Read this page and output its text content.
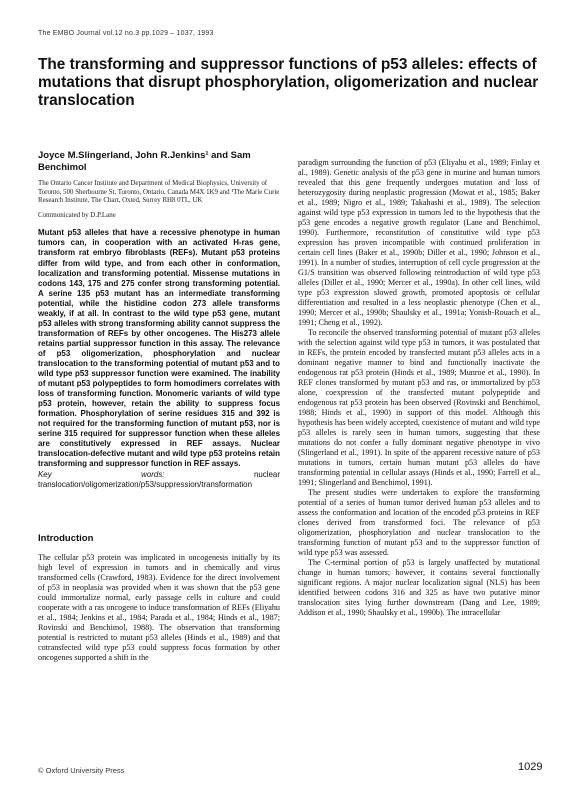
The EMBO Journal vol.12 no.3 pp.1029 – 1037, 1993
The transforming and suppressor functions of p53 alleles: effects of mutations that disrupt phosphorylation, oligomerization and nuclear translocation

Joyce M.Slingerland, John R.Jenkins¹ and Sam Benchimol

The Ontario Cancer Institute and Department of Medical Biophysics, University of Toronto, 500 Sherbourne St, Toronto, Ontario, Canada M4X 1K9 and ¹The Marie Curie Research Institute, The Chart, Oxted, Surrey RH8 0TL, UK

Communicated by D.P.Lane

Mutant p53 alleles that have a recessive phenotype in human tumors can, in cooperation with an activated H-ras gene, transform rat embryo fibroblasts (REFs). Mutant p53 proteins differ from wild type, and from each other in conformation, localization and transforming potential. Missense mutations in codons 143, 175 and 275 confer strong transforming potential. A serine 135 p53 mutant has an intermediate transforming potential, while the histidine codon 273 allele transforms weakly, if at all. In contrast to the wild type p53 gene, mutant p53 alleles with strong transforming ability cannot suppress the transformation of REFs by other oncogenes. The His273 allele retains partial suppressor function in this assay. The relevance of p53 oligomerization, phosphorylation and nuclear translocation to the transforming potential of mutant p53 and to wild type p53 suppressor function were examined. The inability of mutant p53 polypeptides to form homodimers correlates with loss of transforming function. Monomeric variants of wild type p53 protein, however, retain the ability to suppress focus formation. Phosphorylation of serine residues 315 and 392 is not required for the transforming function of mutant p53, nor is serine 315 required for suppressor function when these alleles are constitutively expressed in REF assays. Nuclear translocation-defective mutant and wild type p53 proteins retain transforming and suppressor function in REF assays.

Key words:	nuclear translocation/oligomerization/p53/suppression/transformation

Introduction

The cellular p53 protein was implicated in oncogenesis initially by its high level of expression in tumors and in chemically and virus transformed cells (Crawford, 1983). Evidence for the direct involvement of p53 in neoplasia was provided when it was shown that the p53 gene could immortalize normal, early passage cells in culture and could cooperate with a ras oncogene to induce transformation of REFs (Eliyahu et al., 1984; Jenkins et al., 1984; Parada et al., 1984; Hinds et al., 1987; Rovinski and Benchimol, 1988). The observation that transforming potential is restricted to mutant p53 alleles (Hinds et al., 1989) and that cotransfected wild type p53 could suppress focus formation by other oncogenes supported a shift in the

paradigm surrounding the function of p53 (Eliyahu et al., 1989; Finlay et al., 1989). Genetic analysis of the p53 gene in murine and human tumors revealed that this gene frequently undergoes mutation and loss of heterozygosity during neoplastic progression (Mowat et al., 1985; Baker et al., 1989; Nigro et al., 1989; Takahashi et al., 1989). The selection against wild type p53 expression in tumors led to the hypothesis that the p53 gene encodes a negative growth regulator (Lane and Benchimol, 1990). Furthermore, reconstitution of constitutive wild type p53 expression has proven incompatible with continued proliferation in certain cell lines (Baker et al., 1990b; Diller et al., 1990; Johnson et al., 1991). In a number of studies, interruption of cell cycle progression at the G1/S transition was observed following reintroduction of wild type p53 alleles (Diller et al., 1990; Mercer et al., 1990a). In other cell lines, wild type p53 expression slowed growth, promoted apoptosis or cellular differentiation and resulted in a less neoplastic phenotype (Chen et al., 1990; Mercer et al., 1990b; Shaulsky et al., 1991a; Yonish-Rouach et al., 1991; Cheng et al., 1992).

To reconcile the observed transforming potential of mutant p53 alleles with the selection against wild type p53 in tumors, it was postulated that in REFs, the protein encoded by transfected mutant p53 alleles acts in a dominant negative manner to bind and functionally inactivate the endogenous rat p53 protein (Hinds et al., 1989; Munroe et al., 1990). In REF clones transformed by mutant p53 and ras, or immortalized by p53 alone, coexpression of the transfected mutant polypeptide and endogenous rat p53 protein has been observed (Rovinski and Benchimol, 1988; Hinds et al., 1990) in support of this model. Although this hypothesis has been widely accepted, coexistence of mutant and wild type p53 alleles is rarely seen in human tumors, suggesting that these mutations do not confer a fully dominant negative phenotype in vivo (Slingerland et al., 1991). In spite of the apparent recessive nature of p53 mutations in tumors, certain human mutant p53 alleles do have transforming potential in cellular assays (Hinds et al., 1990; Farrell et al., 1991; Slingerland and Benchimol, 1991).

The present studies were undertaken to explore the transforming potential of a series of human tumor derived human p53 alleles and to assess the conformation and location of the encoded p53 proteins in REF clones derived from transformed foci. The relevance of p53 oligomerization, phosphorylation and nuclear translocation to the transforming function of mutant p53 and to the suppressor function of wild type p53 was assessed.

The C-terminal portion of p53 is largely unaffected by mutational change in human tumors; however, it contains several functionally significant regions. A major nuclear localization signal (NLS) has been identified between codons 316 and 325 as have two putative minor translocation sites lying further downstream (Dang and Lee, 1989; Addison et al., 1990; Shaulsky et al., 1990b). The intracellular

© Oxford University Press	1029
